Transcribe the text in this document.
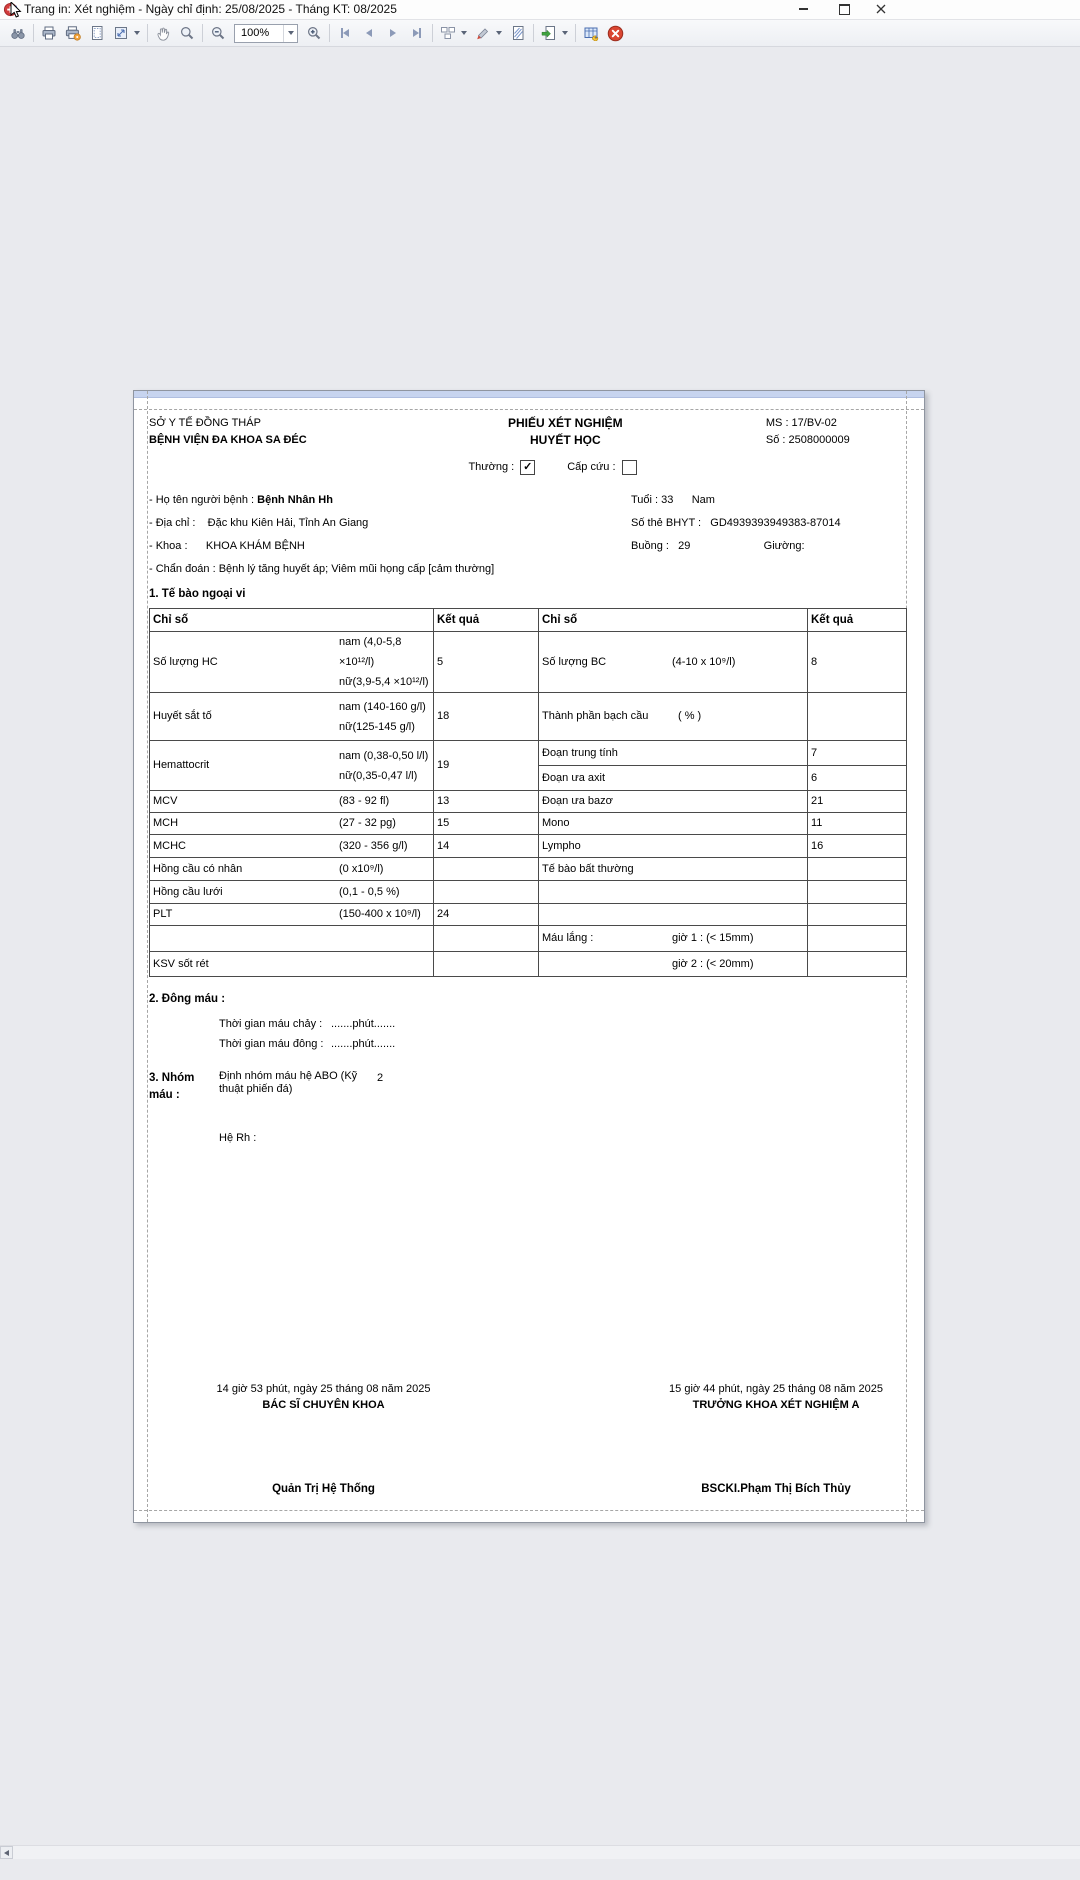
Trang in: Xét nghiệm - Ngày chỉ định: 25/08/2025 - Tháng KT: 08/2025
100%
SỞ Y TẾ ĐỒNG THÁP	PHIẾU XÉT NGHIỆM	MS : 17/BV-02
BỆNH VIỆN ĐA KHOA SA ĐÉC	HUYẾT HỌC	Số : 2508000009
Thường : ✓	Cấp cứu :
- Họ tên người bệnh : Bệnh Nhân Hh	Tuổi : 33      Nam
- Địa chỉ :    Đặc khu Kiên Hải, Tỉnh An Giang	Số thẻ BHYT :   GD4939393949383-87014
- Khoa :      KHOA KHÁM BỆNH	Buồng :   29                        Giường:
- Chẩn đoán : Bệnh lý tăng huyết áp; Viêm mũi họng cấp [cảm thường]
1. Tế bào ngoại vi
Chỉ số	Kết quả	Chỉ số	Kết quả

Số lượng HC
nam (4,0-5,8 ×10¹²/l)
nữ(3,9-5,4 ×10¹²/l)	5	Số lượng BC (4-10 x 10⁹/l)	8

Huyết sắt tố
nam (140-160 g/l)
nữ(125-145 g/l)	18	Thành phần bạch cầu ( % )	

Hemattocrit
nam (0,38-0,50 l/l)
nữ(0,35-0,47 l/l)	19	Đoạn trung tính	7
		Đoạn ưa axit	6

MCV (83 - 92 fl)	13	Đoạn ưa bazơ	21

MCH (27 - 32 pg)	15	Mono	11

MCHC (320 - 356 g/l)	14	Lympho	16

Hồng cầu có nhân (0 x10⁹/l)		Tế bào bất thường	

Hồng cầu lưới (0,1 - 0,5 %)			

PLT (150-400 x 10⁹/l)	24		

		Máu lắng : giờ 1 : (< 15mm)	

KSV sốt rét		giờ 2 : (< 20mm)	

2. Đông máu :
Thời gian máu chảy : .......phút.......
Thời gian máu đông : .......phút.......
3. Nhóm máu :
Định nhóm máu hệ ABO (Kỹ
thuật phiến đá)
2
Hệ Rh :
14 giờ 53 phút, ngày 25 tháng 08 năm 2025
BÁC SĨ CHUYÊN KHOA
Quản Trị Hệ Thống
15 giờ 44 phút, ngày 25 tháng 08 năm 2025
TRƯỞNG KHOA XÉT NGHIỆM A
BSCKI.Phạm Thị Bích Thủy
